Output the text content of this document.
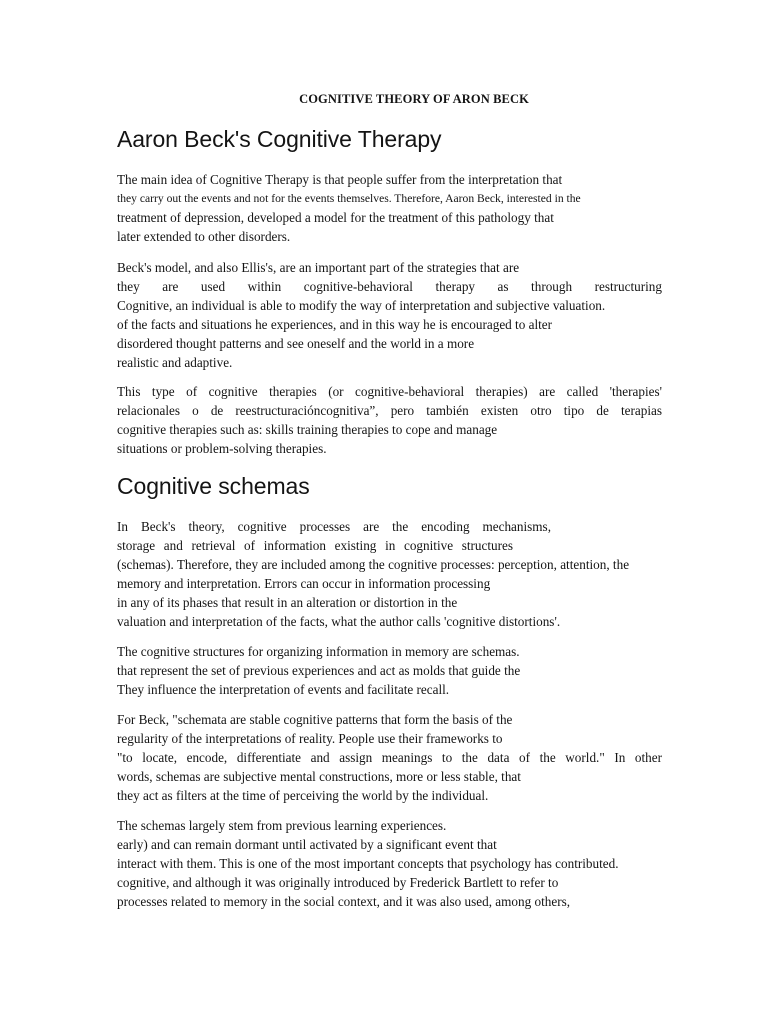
COGNITIVE THEORY OF ARON BECK
Aaron Beck's Cognitive Therapy
The main idea of Cognitive Therapy is that people suffer from the interpretation that
they carry out the events and not for the events themselves. Therefore, Aaron Beck, interested in the
treatment of depression, developed a model for the treatment of this pathology that
later extended to other disorders.
Beck's model, and also Ellis's, are an important part of the strategies that are
they are used within cognitive-behavioral therapy as through restructuring
Cognitive, an individual is able to modify the way of interpretation and subjective valuation.
of the facts and situations he experiences, and in this way he is encouraged to alter
disordered thought patterns and see oneself and the world in a more
realistic and adaptive.
This type of cognitive therapies (or cognitive-behavioral therapies) are called 'therapies'
relacionales o de reestructuracióncognitiva”, pero también existen otro tipo de terapias
cognitive therapies such as: skills training therapies to cope and manage
situations or problem-solving therapies.
Cognitive schemas
In Beck's theory, cognitive processes are the encoding mechanisms,
storage and retrieval of information existing in cognitive structures
(schemas). Therefore, they are included among the cognitive processes: perception, attention, the
memory and interpretation. Errors can occur in information processing
in any of its phases that result in an alteration or distortion in the
valuation and interpretation of the facts, what the author calls 'cognitive distortions'.
The cognitive structures for organizing information in memory are schemas.
that represent the set of previous experiences and act as molds that guide the
They influence the interpretation of events and facilitate recall.
For Beck, "schemata are stable cognitive patterns that form the basis of the
regularity of the interpretations of reality. People use their frameworks to
"to locate, encode, differentiate and assign meanings to the data of the world." In other
words, schemas are subjective mental constructions, more or less stable, that
they act as filters at the time of perceiving the world by the individual.
The schemas largely stem from previous learning experiences.
early) and can remain dormant until activated by a significant event that
interact with them. This is one of the most important concepts that psychology has contributed.
cognitive, and although it was originally introduced by Frederick Bartlett to refer to
processes related to memory in the social context, and it was also used, among others,
